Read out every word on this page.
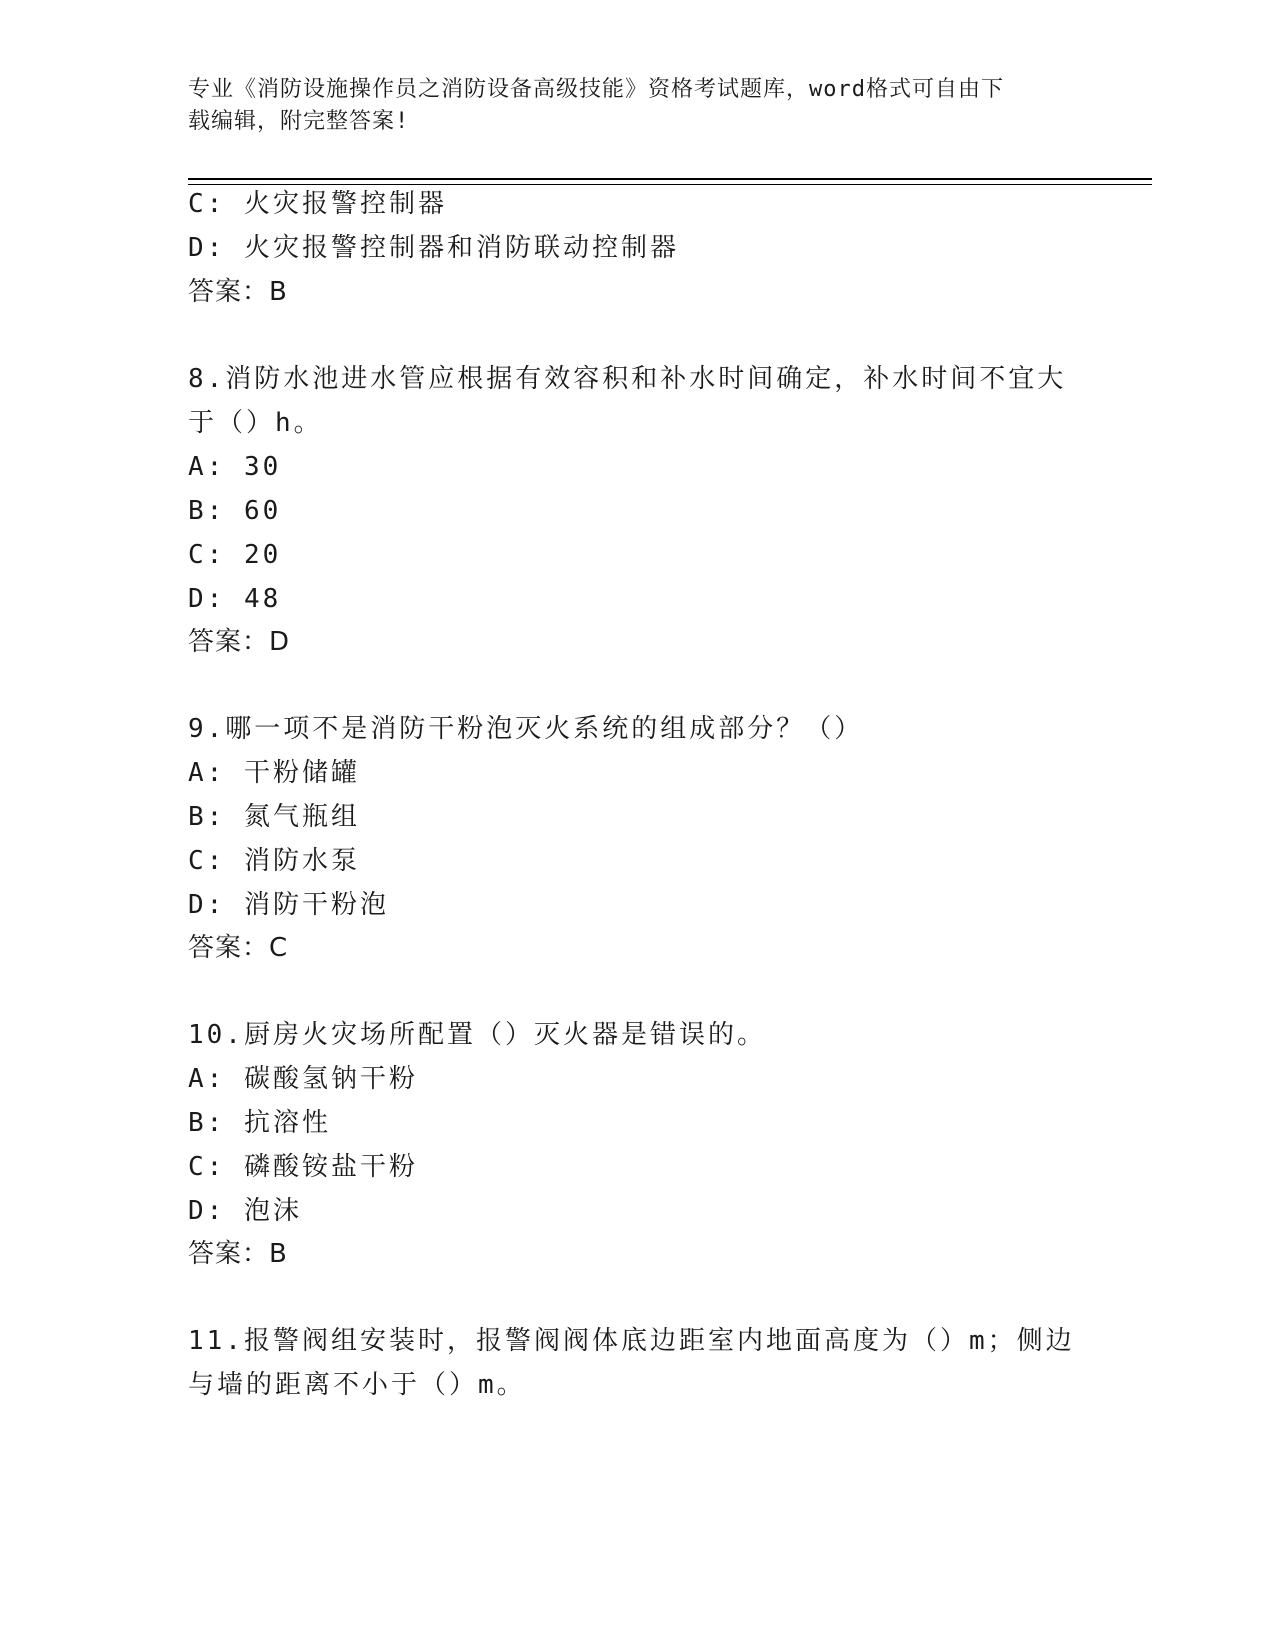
专业《消防设施操作员之消防设备高级技能》资格考试题库，word格式可自由下
载编辑，附完整答案!
C: 火灾报警控制器
D: 火灾报警控制器和消防联动控制器
答案：B
8.消防水池进水管应根据有效容积和补水时间确定，补水时间不宜大
于（）h。
A: 30
B: 60
C: 20
D: 48
答案：D
9.哪一项不是消防干粉泡灭火系统的组成部分？（）
A: 干粉储罐
B: 氮气瓶组
C: 消防水泵
D: 消防干粉泡
答案：C
10.厨房火灾场所配置（）灭火器是错误的。
A: 碳酸氢钠干粉
B: 抗溶性
C: 磷酸铵盐干粉
D: 泡沫
答案：B
11.报警阀组安装时，报警阀阀体底边距室内地面高度为（）m；侧边
与墙的距离不小于（）m。
